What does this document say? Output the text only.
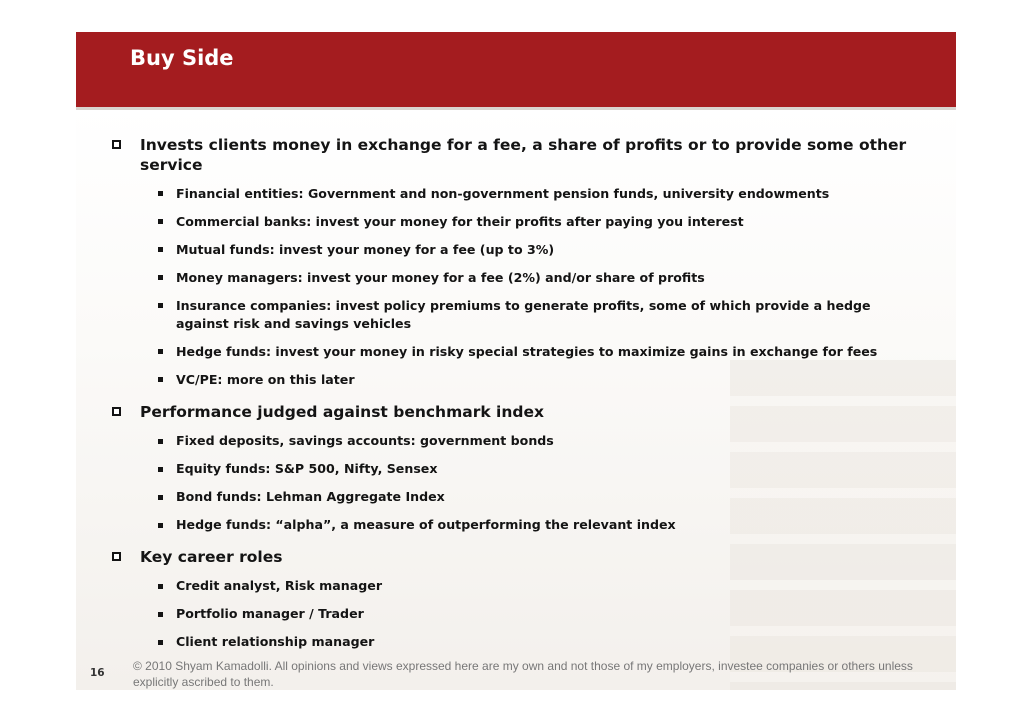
Buy Side
Invests clients money in exchange for a fee, a share of profits or to provide some other service
Financial entities: Government and non-government pension funds, university endowments
Commercial banks: invest your money for their profits after paying you interest
Mutual funds: invest your money for a fee (up to 3%)
Money managers: invest your money for a fee (2%) and/or share of profits
Insurance companies: invest policy premiums to generate profits, some of which provide a hedge against risk and savings vehicles
Hedge funds: invest your money in risky special strategies to maximize gains in exchange for fees
VC/PE: more on this later
Performance judged against benchmark index
Fixed deposits, savings accounts: government bonds
Equity funds: S&P 500, Nifty, Sensex
Bond funds: Lehman Aggregate Index
Hedge funds: “alpha”, a measure of outperforming the relevant index
Key career roles
Credit analyst, Risk manager
Portfolio manager / Trader
Client relationship manager
16 © 2010 Shyam Kamadolli. All opinions and views expressed here are my own and not those of my employers, investee companies or others unless explicitly ascribed to them.
